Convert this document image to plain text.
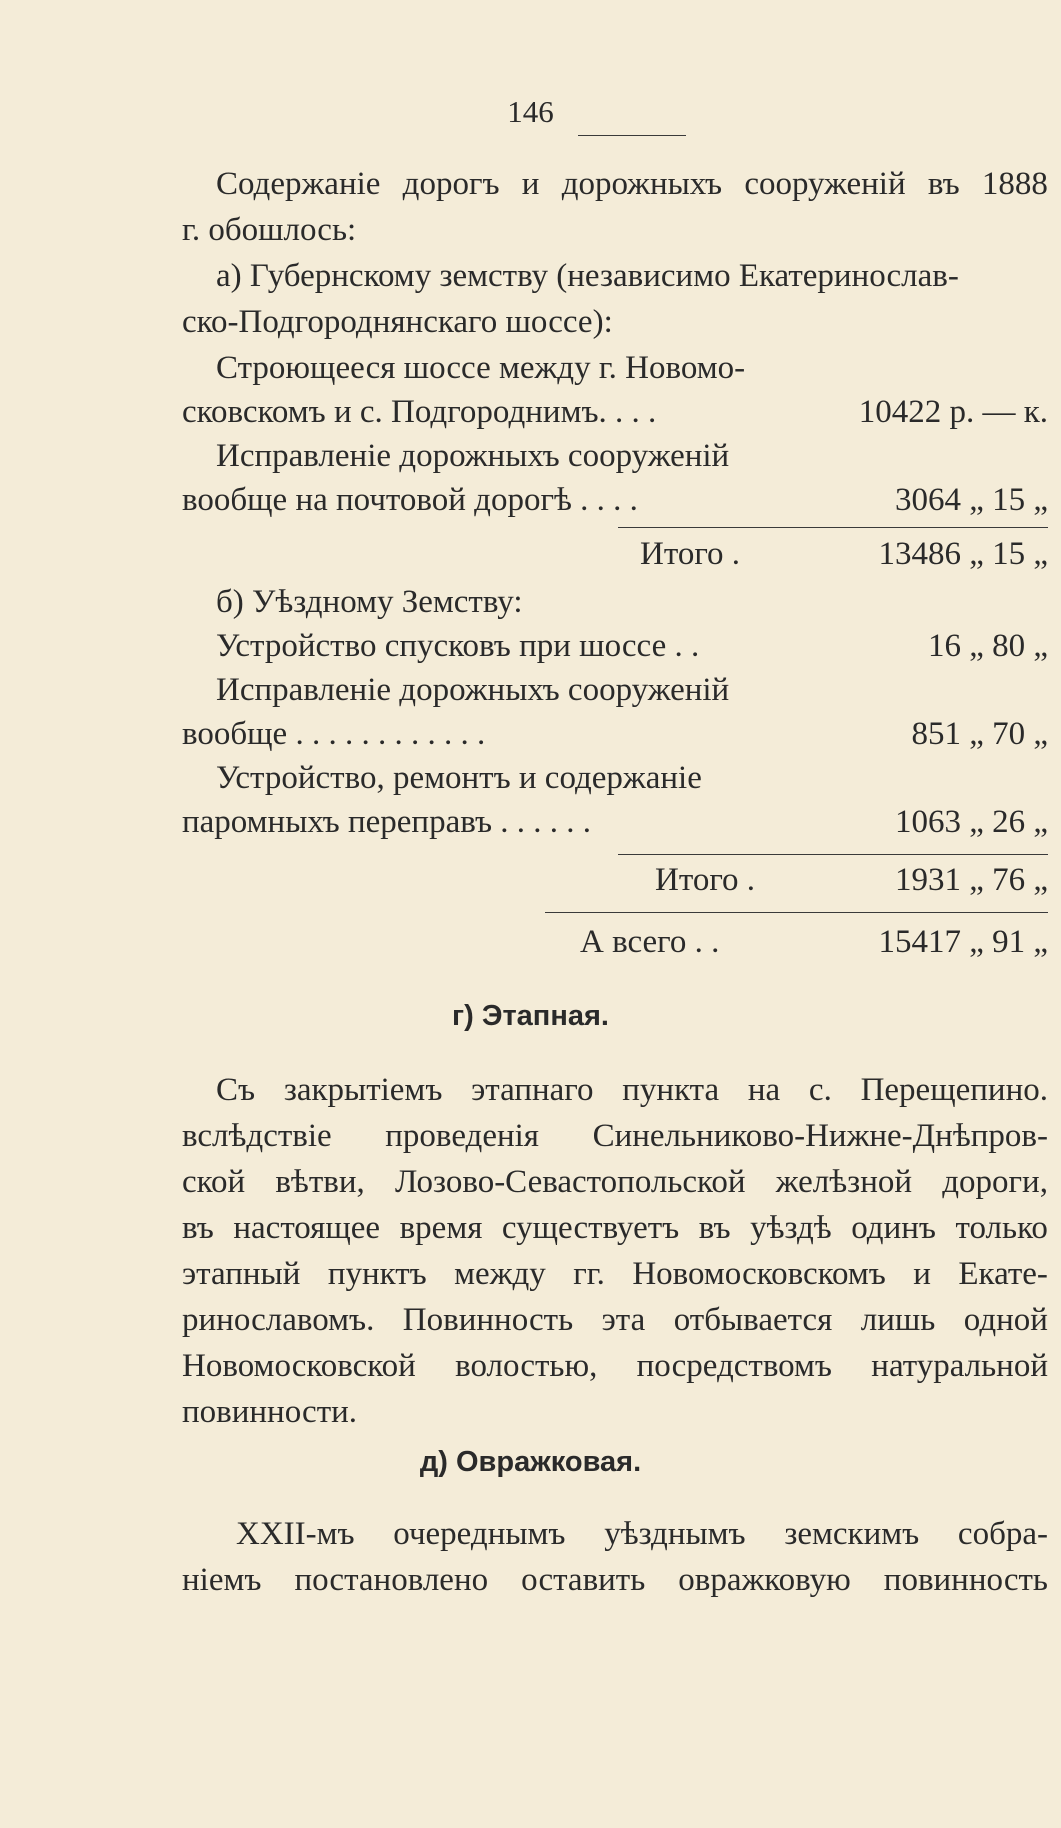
146
Содержаніе дорогъ и дорожныхъ сооруженій въ 1888
г. обошлось:
а) Губернскому земству (независимо Екатеринослав-
ско-Подгороднянскаго шоссе):
Строющееся шоссе между г. Новомо-
сковскомъ и с. Подгороднимъ. . . .	10422 р. — к.
Исправленіе дорожныхъ сооруженій
вообще на почтовой дорогѣ . . . .	3064 „ 15 „
Итого .	13486 „ 15 „
б) Уѣздному Земству:
Устройство спусковъ при шоссе . .	16 „ 80 „
Исправленіе дорожныхъ сооруженій
вообще . . . . . . . . . . . .	851 „ 70 „
Устройство, ремонтъ и содержаніе
паромныхъ переправъ . . . . . .	1063 „ 26 „
Итого .	1931 „ 76 „
А всего . .	15417 „ 91 „
г) Этапная.
Съ закрытіемъ этапнаго пункта на с. Перещепино.
вслѣдствіе проведенія Синельниково-Нижне-Днѣпров-
ской вѣтви, Лозово-Севастопольской желѣзной дороги,
въ настоящее время существуетъ въ уѣздѣ одинъ только
этапный пунктъ между гг. Новомосковскомъ и Екате-
ринославомъ. Повинность эта отбывается лишь одной
Новомосковской волостью, посредствомъ натуральной
повинности.
д) Овражковая.
XXII-мъ очереднымъ уѣзднымъ земскимъ собра-
ніемъ постановлено оставить овражковую повинность
